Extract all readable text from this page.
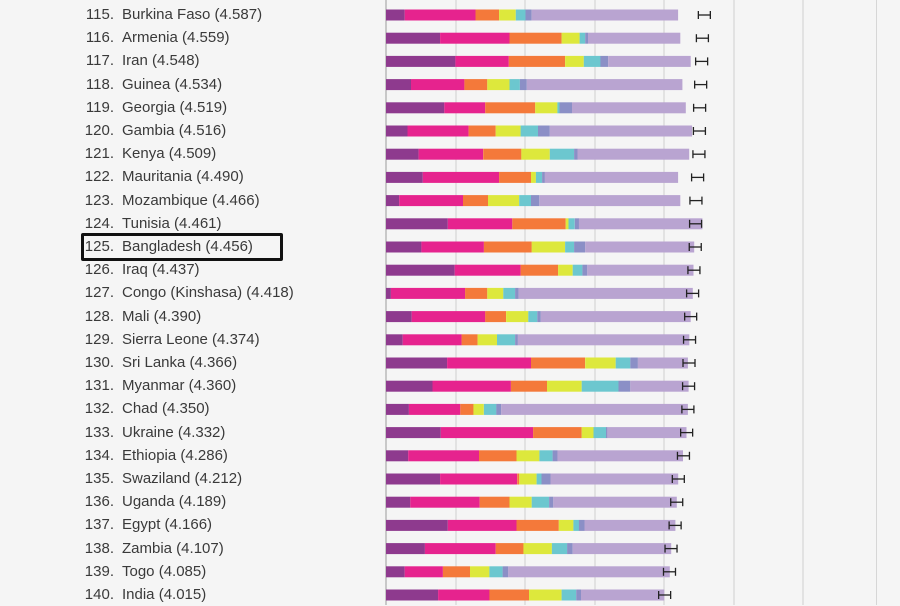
115. Burkina Faso (4.587)
116. Armenia (4.559)
117. Iran (4.548)
118. Guinea (4.534)
119. Georgia (4.519)
120. Gambia (4.516)
121. Kenya (4.509)
122. Mauritania (4.490)
123. Mozambique (4.466)
124. Tunisia (4.461)
125. Bangladesh (4.456)
126. Iraq (4.437)
127. Congo (Kinshasa) (4.418)
128. Mali (4.390)
129. Sierra Leone (4.374)
130. Sri Lanka (4.366)
131. Myanmar (4.360)
132. Chad (4.350)
133. Ukraine (4.332)
134. Ethiopia (4.286)
135. Swaziland (4.212)
136. Uganda (4.189)
137. Egypt (4.166)
138. Zambia (4.107)
139. Togo (4.085)
140. India (4.015)
